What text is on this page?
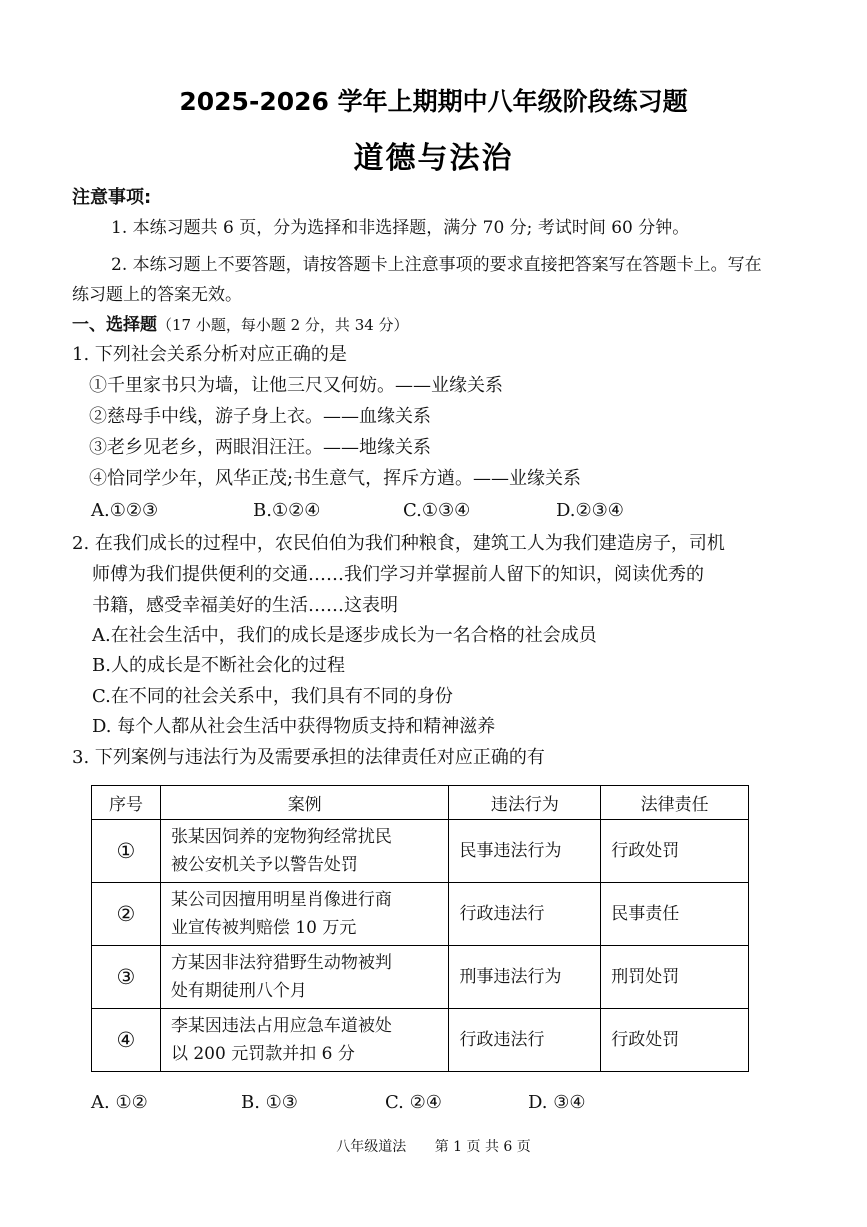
2025-2026 学年上期期中八年级阶段练习题
道德与法治
注意事项:
1. 本练习题共 6 页，分为选择和非选择题，满分 70 分; 考试时间 60 分钟。
2. 本练习题上不要答题，请按答题卡上注意事项的要求直接把答案写在答题卡上。写在
练习题上的答案无效。
一、选择题（17 小题，每小题 2 分，共 34 分）
1. 下列社会关系分析对应正确的是
①千里家书只为墙，让他三尺又何妨。——业缘关系
②慈母手中线，游子身上衣。——血缘关系
③老乡见老乡，两眼泪汪汪。——地缘关系
④恰同学少年，风华正茂;书生意气，挥斥方遒。——业缘关系
A.①②③	B.①②④	C.①③④	D.②③④
2. 在我们成长的过程中，农民伯伯为我们种粮食，建筑工人为我们建造房子，司机
师傅为我们提供便利的交通……我们学习并掌握前人留下的知识，阅读优秀的
书籍，感受幸福美好的生活……这表明
A.在社会生活中，我们的成长是逐步成长为一名合格的社会成员
B.人的成长是不断社会化的过程
C.在不同的社会关系中，我们具有不同的身份
D. 每个人都从社会生活中获得物质支持和精神滋养
3. 下列案例与违法行为及需要承担的法律责任对应正确的有
序号	案例	违法行为	法律责任
①	张某因饲养的宠物狗经常扰民
被公安机关予以警告处罚	民事违法行为	行政处罚
②	某公司因擅用明星肖像进行商
业宣传被判赔偿 10 万元	行政违法行	民事责任
③	方某因非法狩猎野生动物被判
处有期徒刑八个月	刑事违法行为	刑罚处罚
④	李某因违法占用应急车道被处
以 200 元罚款并扣 6 分	行政违法行	行政处罚
A. ①②	B. ①③	C. ②④	D. ③④
八年级道法 第 1 页 共 6 页
